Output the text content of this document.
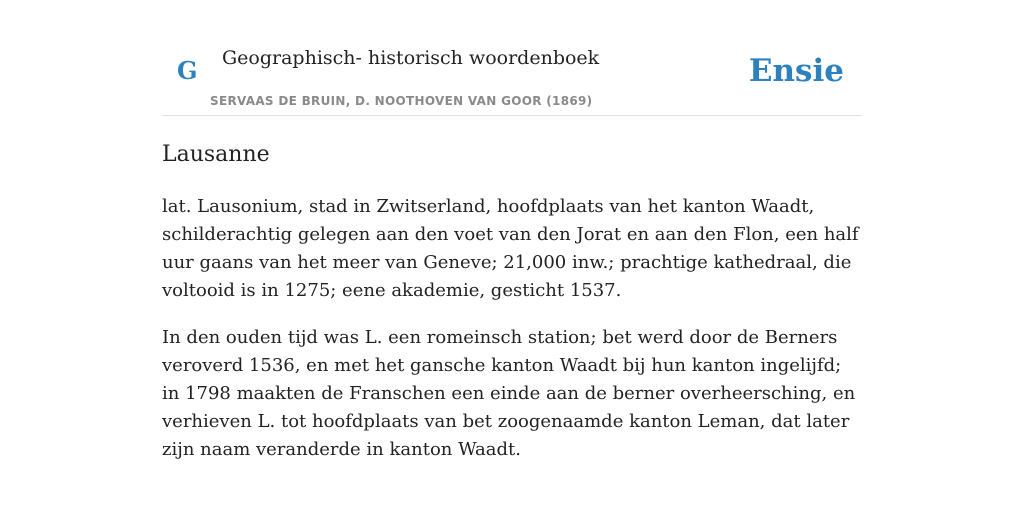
G Geographisch- historisch woordenboek
SERVAAS DE BRUIN, D. NOOTHOVEN VAN GOOR (1869)
Ensie
Lausanne

lat. Lausonium, stad in Zwitserland, hoofdplaats van het kanton Waadt, schilderachtig gelegen aan den voet van den Jorat en aan den Flon, een half uur gaans van het meer van Geneve; 21,000 inw.; prachtige kathedraal, die voltooid is in 1275; eene akademie, gesticht 1537.

In den ouden tijd was L. een romeinsch station; bet werd door de Berners veroverd 1536, en met het gansche kanton Waadt bij hun kanton ingelijfd; in 1798 maakten de Franschen een einde aan de berner overheersching, en verhieven L. tot hoofdplaats van bet zoogenaamde kanton Leman, dat later zijn naam veranderde in kanton Waadt.
